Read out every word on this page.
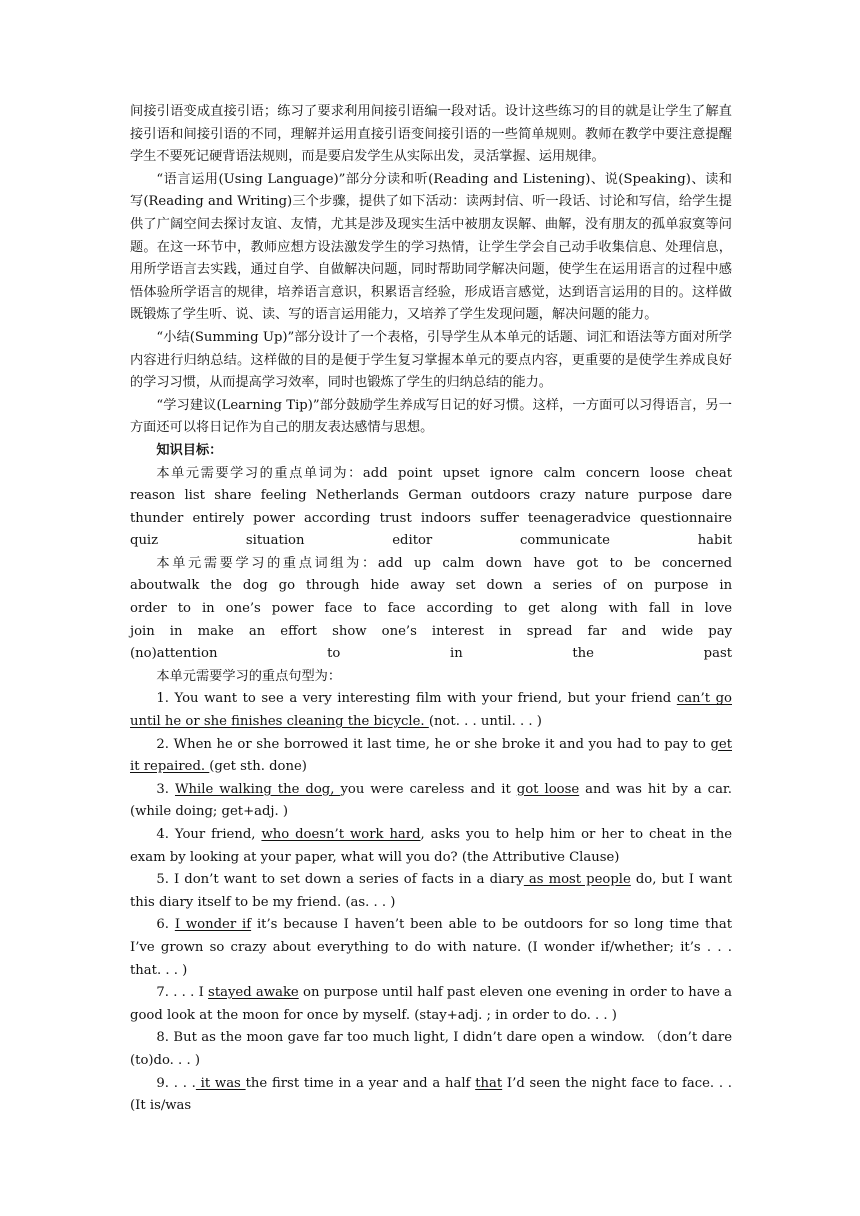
间接引语变成直接引语；练习了要求利用间接引语编一段对话。设计这些练习的目的就是让学生了解直接引语和间接引语的不同，理解并运用直接引语变间接引语的一些简单规则。教师在教学中要注意提醒学生不要死记硬背语法规则，而是要启发学生从实际出发，灵活掌握、运用规律。

“语言运用(Using Language)”部分分读和听(Reading and Listening)、说(Speaking)、读和写(Reading and Writing)三个步骤，提供了如下活动：读两封信、听一段话、讨论和写信，给学生提供了广阔空间去探讨友谊、友情，尤其是涉及现实生活中被朋友误解、曲解，没有朋友的孤单寂寞等问题。在这一环节中，教师应想方设法激发学生的学习热情，让学生学会自己动手收集信息、处理信息，用所学语言去实践，通过自学、自做解决问题，同时帮助同学解决问题，使学生在运用语言的过程中感悟体验所学语言的规律，培养语言意识，积累语言经验，形成语言感觉，达到语言运用的目的。这样做既锻炼了学生听、说、读、写的语言运用能力，又培养了学生发现问题，解决问题的能力。

“小结(Summing Up)”部分设计了一个表格，引导学生从本单元的话题、词汇和语法等方面对所学内容进行归纳总结。这样做的目的是便于学生复习掌握本单元的要点内容，更重要的是使学生养成良好的学习习惯，从而提高学习效率，同时也锻炼了学生的归纳总结的能力。

“学习建议(Learning Tip)”部分鼓励学生养成写日记的好习惯。这样，一方面可以习得语言，另一方面还可以将日记作为自己的朋友表达感情与思想。

知识目标：

本单元需要学习的重点单词为：add point upset ignore calm concern loose cheat reason list share feeling Netherlands German outdoors crazy nature purpose dare thunder entirely power according trust indoors suffer teenageradvice questionnaire quiz	situation	editor	communicate	habit

本单元需要学习的重点词组为：add up calm down have got to be concerned aboutwalk the dog go through hide away set down a series of on purpose in order to in one’s power face to face according to get along with fall in love join in make an effort show one’s interest in spread far and wide pay (no)attention to	in the past

本单元需要学习的重点句型为：

1. You want to see a very interesting film with your friend, but your friend can’t go until he or she finishes cleaning the bicycle. (not. . . until. . . )

2. When he or she borrowed it last time, he or she broke it and you had to pay to get it repaired. (get sth. done)

3. While walking the dog, you were careless and it got loose and was hit by a car. (while doing; get+adj. )

4. Your friend, who doesn’t work hard, asks you to help him or her to cheat in the exam by looking at your paper, what will you do? (the Attributive Clause)

5. I don’t want to set down a series of facts in a diary as most people do, but I want this diary itself to be my friend. (as. . . )

6. I wonder if it’s because I haven’t been able to be outdoors for so long time that I’ve grown so crazy about everything to do with nature. (I wonder if/whether; it’s . . . that. . . )

7. . . . I stayed awake on purpose until half past eleven one evening in order to have a good look at the moon for once by myself. (stay+adj. ; in order to do. . . )

8. But as the moon gave far too much light, I didn’t dare open a window. （don’t dare (to)do. . . )

9. . . . it was the first time in a year and a half that I’d seen the night face to face. . . (It is/was
